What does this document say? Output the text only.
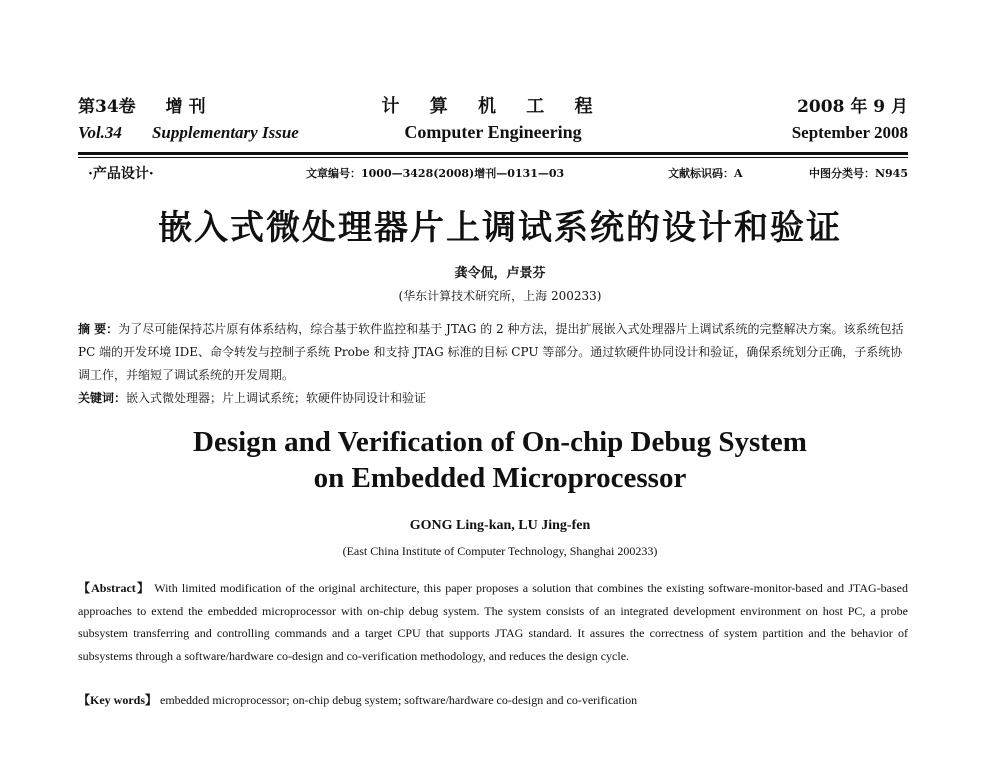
第34卷 增 刊	计 算 机 工 程	2008 年 9 月
Vol.34 Supplementary Issue	Computer Engineering	September 2008
·产品设计·	文章编号：1000—3428(2008)增刊—0131—03	文献标识码：A	中图分类号：N945
嵌入式微处理器片上调试系统的设计和验证
龚令侃，卢景芬
(华东计算技术研究所，上海 200233)

摘 要：为了尽可能保持芯片原有体系结构，综合基于软件监控和基于 JTAG 的 2 种方法，提出扩展嵌入式处理器片上调试系统的完整解决方案。该系统包括 PC 端的开发环境 IDE、命令转发与控制子系统 Probe 和支持 JTAG 标准的目标 CPU 等部分。通过软硬件协同设计和验证，确保系统划分正确，子系统协调工作，并缩短了调试系统的开发周期。

关键词：嵌入式微处理器；片上调试系统；软硬件协同设计和验证

Design and Verification of On-chip Debug System
on Embedded Microprocessor
GONG Ling-kan, LU Jing-fen
(East China Institute of Computer Technology, Shanghai 200233)

【Abstract】 With limited modification of the original architecture, this paper proposes a solution that combines the existing software-monitor-based and JTAG-based approaches to extend the embedded microprocessor with on-chip debug system. The system consists of an integrated development environment on host PC, a probe subsystem transferring and controlling commands and a target CPU that supports JTAG standard. It assures the correctness of system partition and the behavior of subsystems through a software/hardware co-design and co-verification methodology, and reduces the design cycle.

【Key words】 embedded microprocessor; on-chip debug system; software/hardware co-design and co-verification
